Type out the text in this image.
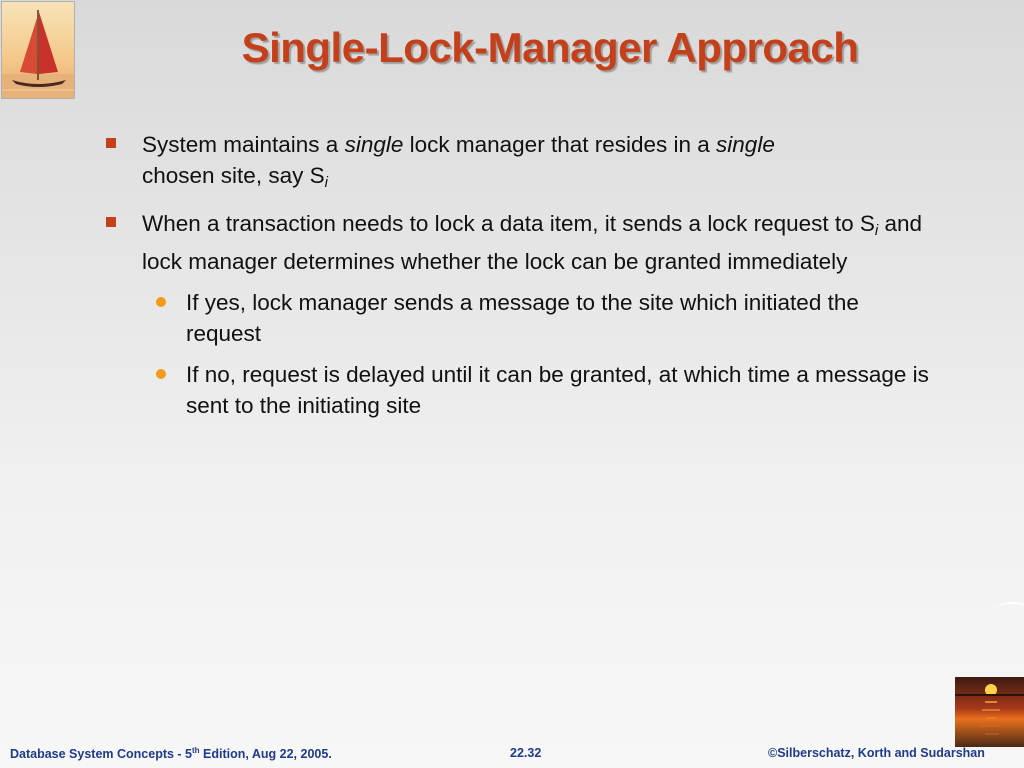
Single-Lock-Manager Approach
System maintains a single lock manager that resides in a single
chosen site, say $S_i$
When a transaction needs to lock a data item, it sends a lock request to $S_i$ and lock manager determines whether the lock can be granted immediately
If yes, lock manager sends a message to the site which initiated the request
If no, request is delayed until it can be granted, at which time a message is sent to the initiating site
Database System Concepts - 5th Edition, Aug 22, 2005.	22.32	©Silberschatz, Korth and Sudarshan
